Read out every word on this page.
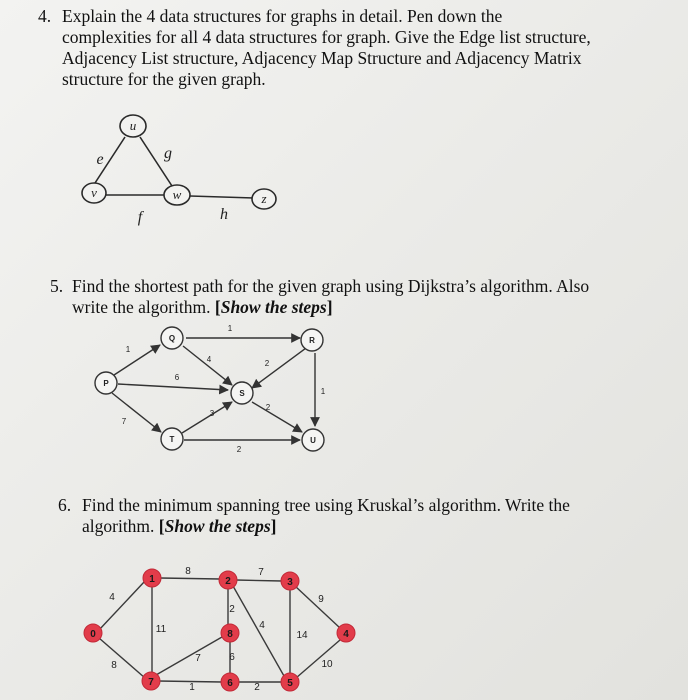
4. Explain the 4 data structures for graphs in detail. Pen down the
complexities for all 4 data structures for graph. Give the Edge list structure,
Adjacency List structure, Adjacency Map Structure and Adjacency Matrix
structure for the given graph.
u
v	w	z
e	g
f	h
5. Find the shortest path for the given graph using Dijkstra’s algorithm. Also
write the algorithm. [Show the steps]
P
Q	R
S
T	U
1
1
6
4	2
1
7
3
2
2
6. Find the minimum spanning tree using Kruskal’s algorithm. Write the
algorithm. [Show the steps]
0
1	2	3
4
5
6
7
8
4
8
8
11
7
2
4
9
14
10
2
6
1
7
